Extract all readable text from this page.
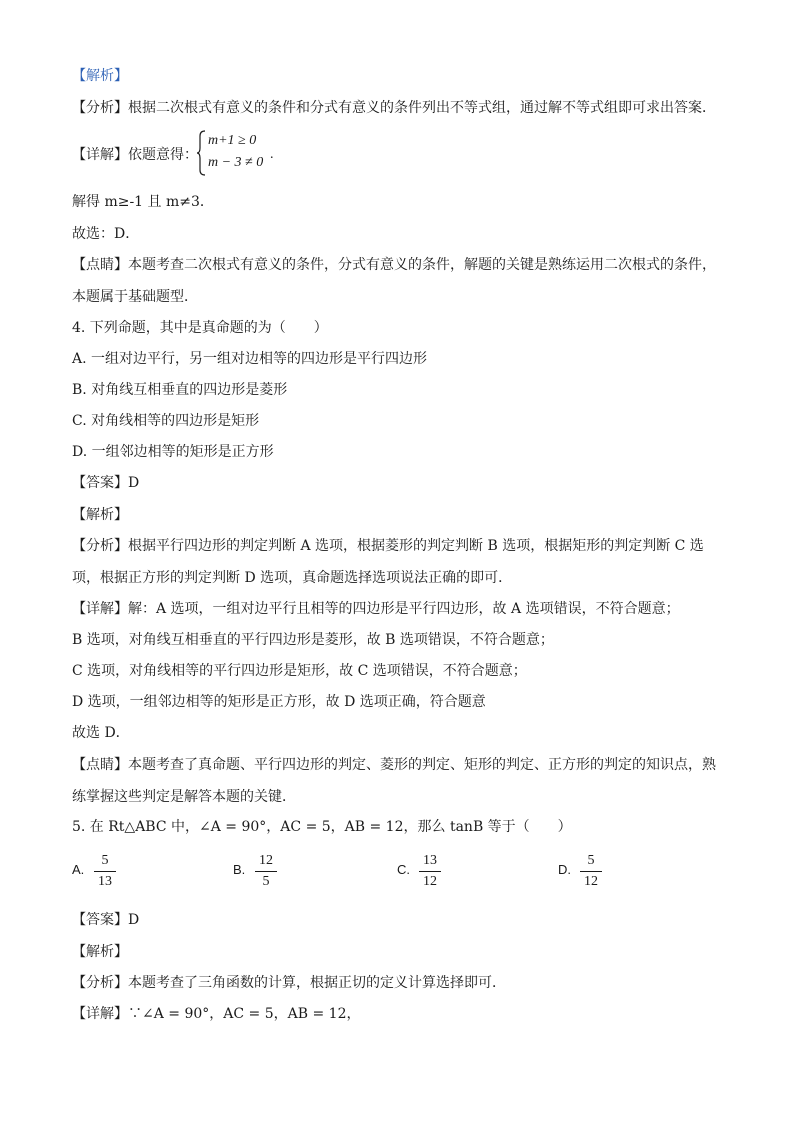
【解析】
【分析】根据二次根式有意义的条件和分式有意义的条件列出不等式组，通过解不等式组即可求出答案．
【详解】依题意得：
m+1 ≥ 0
m − 3 ≠ 0
.
解得 m≥-1 且 m≠3．
故选：D．
【点睛】本题考查二次根式有意义的条件，分式有意义的条件，解题的关键是熟练运用二次根式的条件，
本题属于基础题型．
4. 下列命题，其中是真命题的为（　　）
A. 一组对边平行，另一组对边相等的四边形是平行四边形
B. 对角线互相垂直的四边形是菱形
C. 对角线相等的四边形是矩形
D. 一组邻边相等的矩形是正方形
【答案】D
【解析】
【分析】根据平行四边形的判定判断 A 选项，根据菱形的判定判断 B 选项，根据矩形的判定判断 C 选
项，根据正方形的判定判断 D 选项，真命题选择选项说法正确的即可．
【详解】解：A 选项，一组对边平行且相等的四边形是平行四边形，故 A 选项错误，不符合题意；
B 选项，对角线互相垂直的平行四边形是菱形，故 B 选项错误，不符合题意；
C 选项，对角线相等的平行四边形是矩形，故 C 选项错误，不符合题意；
D 选项，一组邻边相等的矩形是正方形，故 D 选项正确，符合题意
故选 D．
【点睛】本题考查了真命题、平行四边形的判定、菱形的判定、矩形的判定、正方形的判定的知识点，熟
练掌握这些判定是解答本题的关键．
5. 在 Rt△ABC 中，∠A = 90°，AC = 5，AB = 12，那么 tanB 等于（　　）
A.
5
13
B.
12
5
C.
13
12
D.
5
12
【答案】D
【解析】
【分析】本题考查了三角函数的计算，根据正切的定义计算选择即可．
【详解】∵∠A = 90°，AC = 5，AB = 12，
